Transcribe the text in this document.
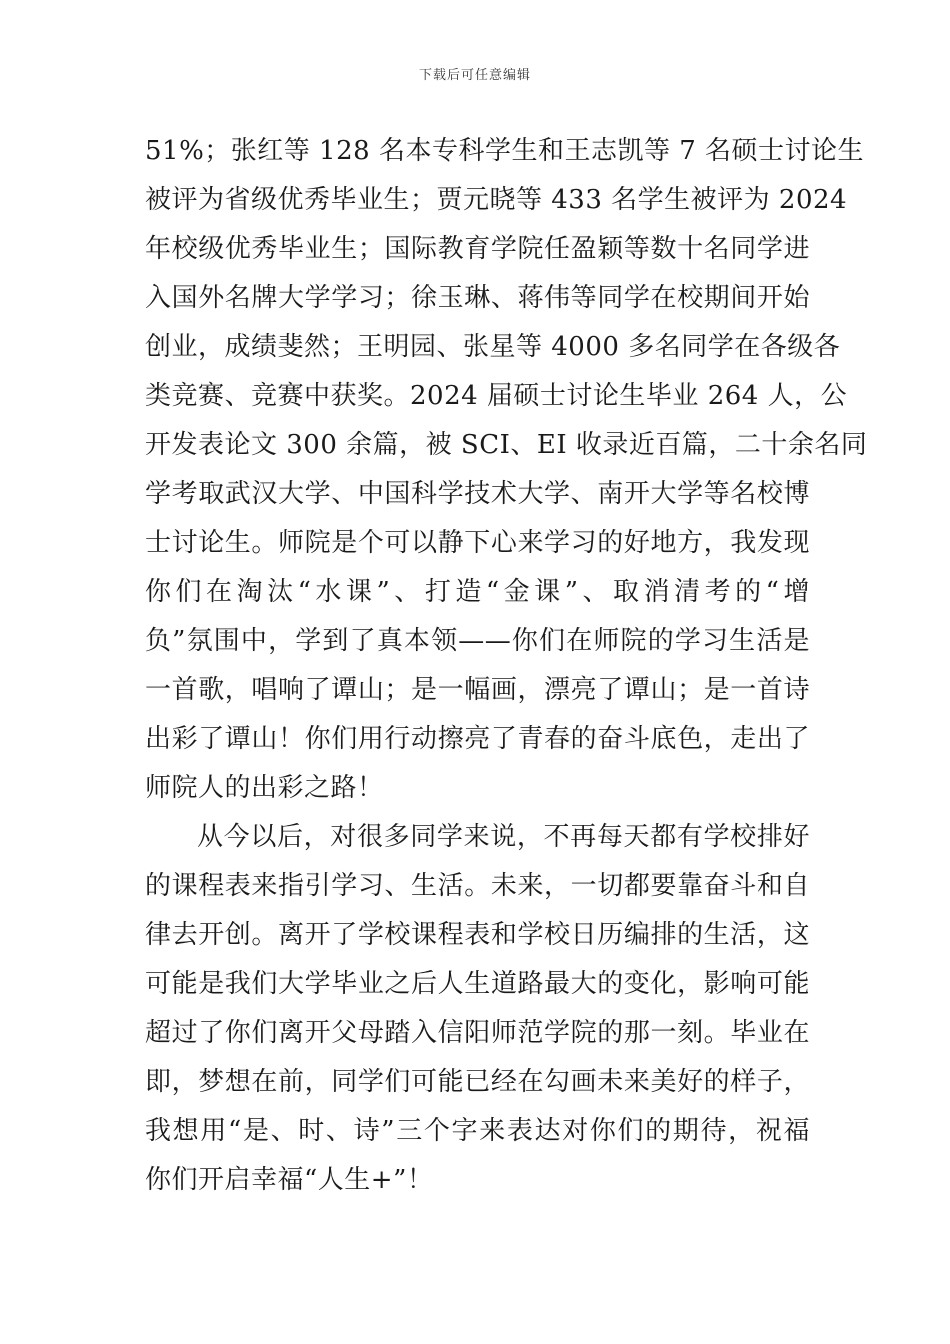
下载后可任意编辑
51%；张红等 128 名本专科学生和王志凯等 7 名硕士讨论生
被评为省级优秀毕业生；贾元晓等 433 名学生被评为 2024
年校级优秀毕业生；国际教育学院任盈颖等数十名同学进
入国外名牌大学学习；徐玉琳、蒋伟等同学在校期间开始
创业，成绩斐然；王明园、张星等 4000 多名同学在各级各
类竞赛、竞赛中获奖。2024 届硕士讨论生毕业 264 人，公
开发表论文 300 余篇，被 SCI、EI 收录近百篇，二十余名同
学考取武汉大学、中国科学技术大学、南开大学等名校博
士讨论生。师院是个可以静下心来学习的好地方，我发现
你们在淘汰“水课”、打造“金课”、取消清考的“增
负”氛围中，学到了真本领——你们在师院的学习生活是
一首歌，唱响了谭山；是一幅画，漂亮了谭山；是一首诗
出彩了谭山！你们用行动擦亮了青春的奋斗底色，走出了
师院人的出彩之路！
从今以后，对很多同学来说，不再每天都有学校排好
的课程表来指引学习、生活。未来，一切都要靠奋斗和自
律去开创。离开了学校课程表和学校日历编排的生活，这
可能是我们大学毕业之后人生道路最大的变化，影响可能
超过了你们离开父母踏入信阳师范学院的那一刻。毕业在
即，梦想在前，同学们可能已经在勾画未来美好的样子，
我想用“是、时、诗”三个字来表达对你们的期待，祝福
你们开启幸福“人生+”！
